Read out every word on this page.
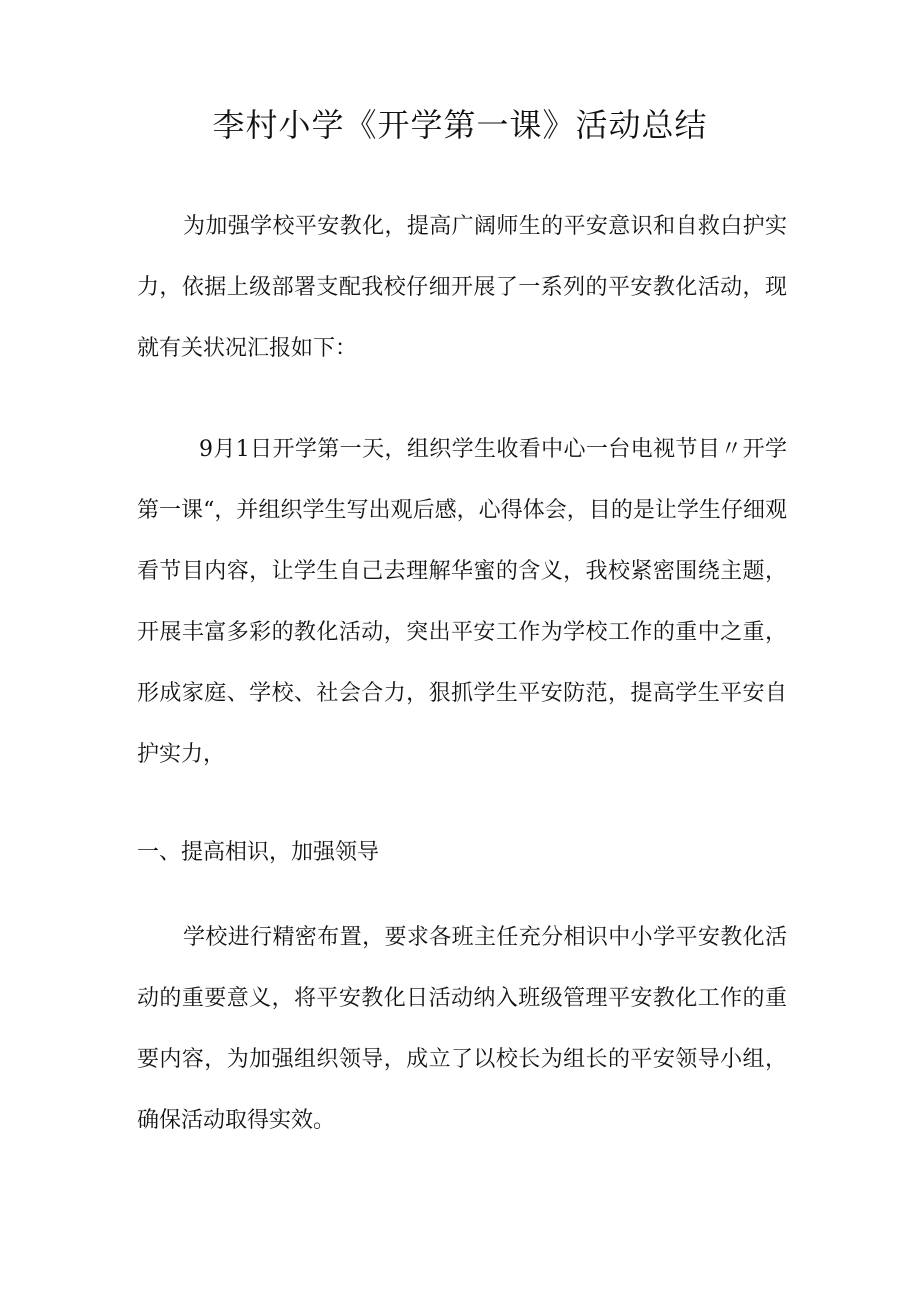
李村小学《开学第一课》活动总结

为加强学校平安教化，提高广阔师生的平安意识和自救白护实力，依据上级部署支配我校仔细开展了一系列的平安教化活动，现就有关状况汇报如下：

9月1日开学第一天，组织学生收看中心一台电视节目〃开学第一课“，并组织学生写出观后感，心得体会，目的是让学生仔细观看节目内容，让学生自己去理解华蜜的含义，我校紧密围绕主题，开展丰富多彩的教化活动，突出平安工作为学校工作的重中之重，形成家庭、学校、社会合力，狠抓学生平安防范，提高学生平安自护实力，

一、提高相识，加强领导

学校进行精密布置，要求各班主任充分相识中小学平安教化活动的重要意义，将平安教化日活动纳入班级管理平安教化工作的重要内容，为加强组织领导，成立了以校长为组长的平安领导小组，确保活动取得实效。
